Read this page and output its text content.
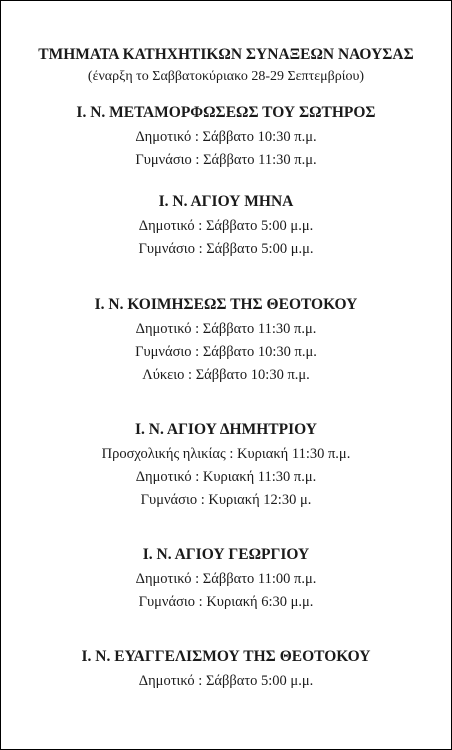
ΤΜΗΜΑΤΑ ΚΑΤΗΧΗΤΙΚΩΝ ΣΥΝΑΞΕΩΝ ΝΑΟΥΣΑΣ

(έναρξη το Σαββατοκύριακο 28-29 Σεπτεμβρίου)

Ι. Ν. ΜΕΤΑΜΟΡΦΩΣΕΩΣ ΤΟΥ ΣΩΤΗΡΟΣ
Δημοτικό : Σάββατο 10:30 π.μ.
Γυμνάσιο : Σάββατο 11:30 π.μ.
Ι. Ν. ΑΓΙΟΥ ΜΗΝΑ
Δημοτικό : Σάββατο 5:00 μ.μ.
Γυμνάσιο : Σάββατο 5:00 μ.μ.
Ι. Ν. ΚΟΙΜΗΣΕΩΣ ΤΗΣ ΘΕΟΤΟΚΟΥ
Δημοτικό : Σάββατο 11:30 π.μ.
Γυμνάσιο : Σάββατο 10:30 π.μ.
Λύκειο : Σάββατο 10:30 π.μ.
Ι. Ν. ΑΓΙΟΥ ΔΗΜΗΤΡΙΟΥ
Προσχολικής ηλικίας : Κυριακή 11:30 π.μ.
Δημοτικό : Κυριακή 11:30 π.μ.
Γυμνάσιο : Κυριακή 12:30 μ.
Ι. Ν. ΑΓΙΟΥ ΓΕΩΡΓΙΟΥ
Δημοτικό : Σάββατο 11:00 π.μ.
Γυμνάσιο : Κυριακή 6:30 μ.μ.
Ι. Ν. ΕΥΑΓΓΕΛΙΣΜΟΥ ΤΗΣ ΘΕΟΤΟΚΟΥ
Δημοτικό : Σάββατο 5:00 μ.μ.
